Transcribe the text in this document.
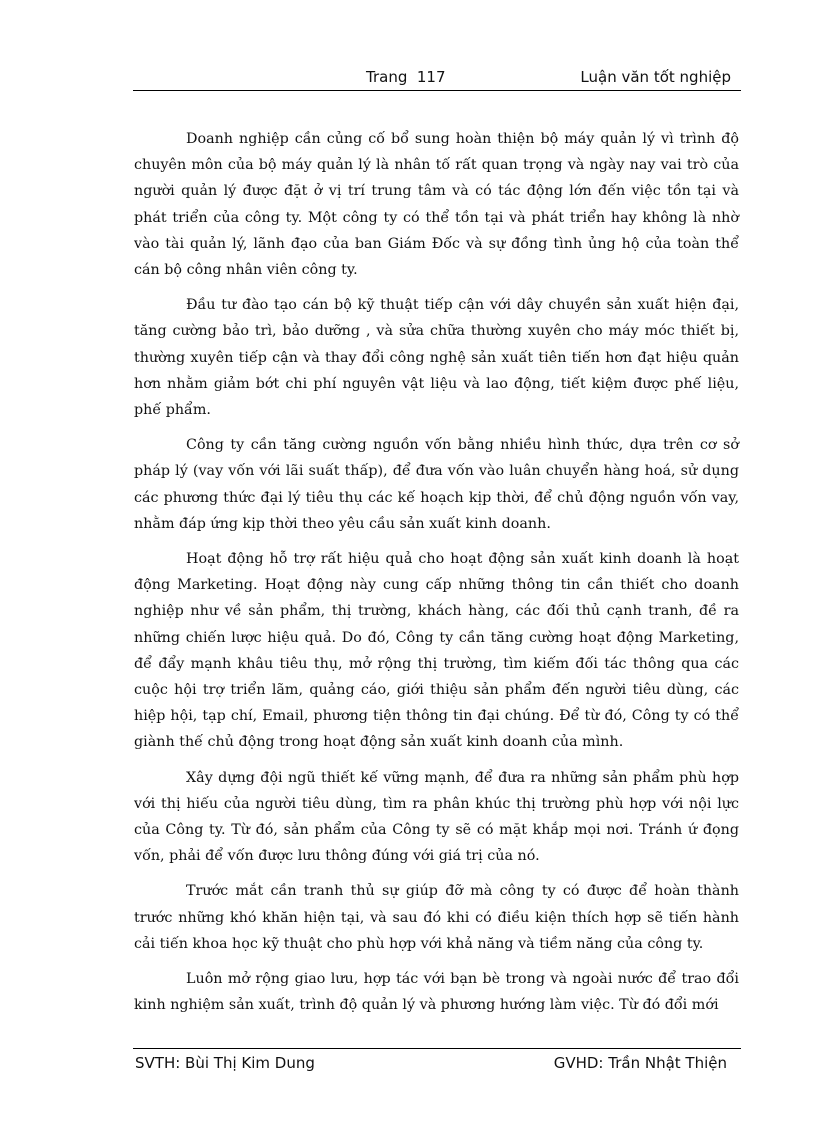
Trang  117	Luận văn tốt nghiệp

Doanh nghiệp cần củng cố bổ sung hoàn thiện bộ máy quản lý vì trình độ chuyên môn của bộ máy quản lý là nhân tố rất quan trọng và ngày nay vai trò của người quản lý được đặt ở vị trí trung tâm và có tác động lớn đến việc tồn tại và phát triển của công ty. Một công ty có thể tồn tại và phát triển hay không là nhờ vào tài quản lý, lãnh đạo của ban Giám Đốc và sự đồng tình ủng hộ của toàn thể cán bộ công nhân viên công ty.

Đầu tư đào tạo cán bộ kỹ thuật tiếp cận với dây chuyền sản xuất hiện đại, tăng cường bảo trì, bảo dưỡng , và sửa chữa thường xuyên cho máy móc thiết bị, thường xuyên tiếp cận và thay đổi công nghệ sản xuất tiên tiến hơn đạt hiệu quản hơn nhằm giảm bớt chi phí nguyên vật liệu và lao động, tiết kiệm được phế liệu, phế phẩm.

Công ty cần tăng cường nguồn vốn bằng nhiều hình thức, dựa trên cơ sở pháp lý (vay vốn với lãi suất thấp), để đưa vốn vào luân chuyển hàng hoá, sử dụng các phương thức đại lý tiêu thụ các kế hoạch kịp thời, để chủ động nguồn vốn vay, nhằm đáp ứng kịp thời theo yêu cầu sản xuất kinh doanh.

Hoạt động hỗ trợ rất hiệu quả cho hoạt động sản xuất kinh doanh là hoạt động Marketing. Hoạt động này cung cấp những thông tin cần thiết cho doanh nghiệp như về sản phẩm, thị trường, khách hàng, các đối thủ cạnh tranh, đề ra những chiến lược hiệu quả. Do đó, Công ty cần tăng cường hoạt động Marketing, để đẩy mạnh khâu tiêu thụ, mở rộng thị trường, tìm kiếm đối tác thông qua các cuộc hội trợ triển lãm, quảng cáo, giới thiệu sản phẩm đến người tiêu dùng, các hiệp hội, tạp chí, Email, phương tiện thông tin đại chúng. Để từ đó, Công ty có thể giành thế chủ động trong hoạt động sản xuất kinh doanh của mình.

Xây dựng đội ngũ thiết kế vững mạnh, để đưa ra những sản phẩm phù hợp với thị hiếu của người tiêu dùng, tìm ra phân khúc thị trường phù hợp với nội lực của Công ty. Từ đó, sản phẩm của Công ty sẽ có mặt khắp mọi nơi. Tránh ứ đọng vốn, phải để vốn được lưu thông đúng với giá trị của nó.

Trước mắt cần tranh thủ sự giúp đỡ mà công ty có được để hoàn thành trước những khó khăn hiện tại, và sau đó khi có điều kiện thích hợp sẽ tiến hành cải tiến khoa học kỹ thuật cho phù hợp với khả năng và tiềm năng của công ty.

Luôn mở rộng giao lưu, hợp tác với bạn bè trong và ngoài nước để trao đổi kinh nghiệm sản xuất, trình độ quản lý và phương hướng làm việc. Từ đó đổi mới

SVTH: Bùi Thị Kim Dung	GVHD: Trần Nhật Thiện
